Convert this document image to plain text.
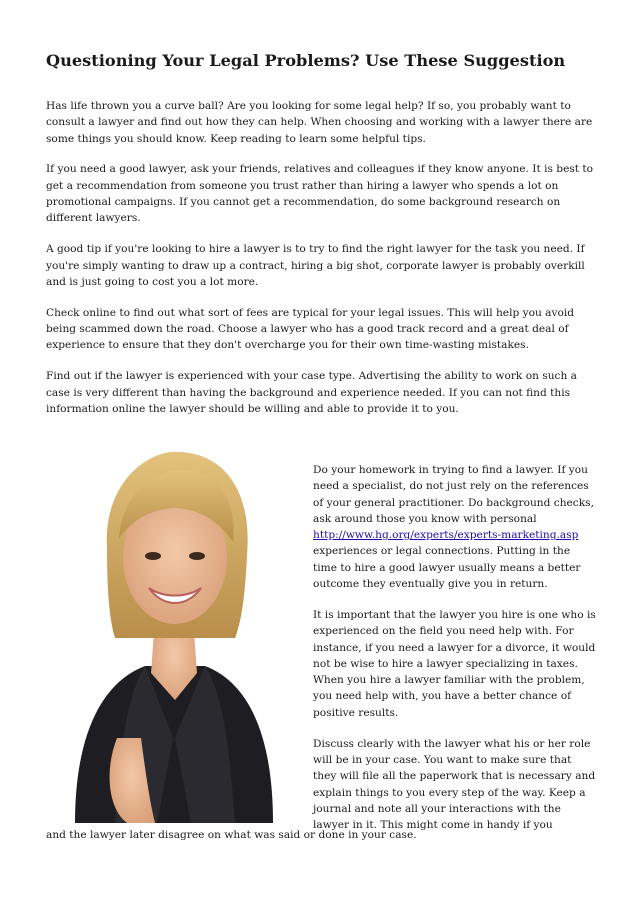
Questioning Your Legal Problems? Use These Suggestion

Has life thrown you a curve ball? Are you looking for some legal help? If so, you probably want to consult a lawyer and find out how they can help. When choosing and working with a lawyer there are some things you should know. Keep reading to learn some helpful tips.

If you need a good lawyer, ask your friends, relatives and colleagues if they know anyone. It is best to get a recommendation from someone you trust rather than hiring a lawyer who spends a lot on promotional campaigns. If you cannot get a recommendation, do some background research on different lawyers.

A good tip if you're looking to hire a lawyer is to try to find the right lawyer for the task you need. If you're simply wanting to draw up a contract, hiring a big shot, corporate lawyer is probably overkill and is just going to cost you a lot more.

Check online to find out what sort of fees are typical for your legal issues. This will help you avoid being scammed down the road. Choose a lawyer who has a good track record and a great deal of experience to ensure that they don't overcharge you for their own time-wasting mistakes.

Find out if the lawyer is experienced with your case type. Advertising the ability to work on such a case is very different than having the background and experience needed. If you can not find this information online the lawyer should be willing and able to provide it to you.

Do your homework in trying to find a lawyer. If you need a specialist, do not just rely on the references of your general practitioner. Do background checks, ask around those you know with personal http://www.hg.org/experts/experts-marketing.asp experiences or legal connections. Putting in the time to hire a good lawyer usually means a better outcome they eventually give you in return.

It is important that the lawyer you hire is one who is experienced on the field you need help with. For instance, if you need a lawyer for a divorce, it would not be wise to hire a lawyer specializing in taxes. When you hire a lawyer familiar with the problem, you need help with, you have a better chance of positive results.

Discuss clearly with the lawyer what his or her role will be in your case. You want to make sure that they will file all the paperwork that is necessary and explain things to you every step of the way. Keep a journal and note all your interactions with the lawyer in it. This might come in handy if you

and the lawyer later disagree on what was said or done in your case.
